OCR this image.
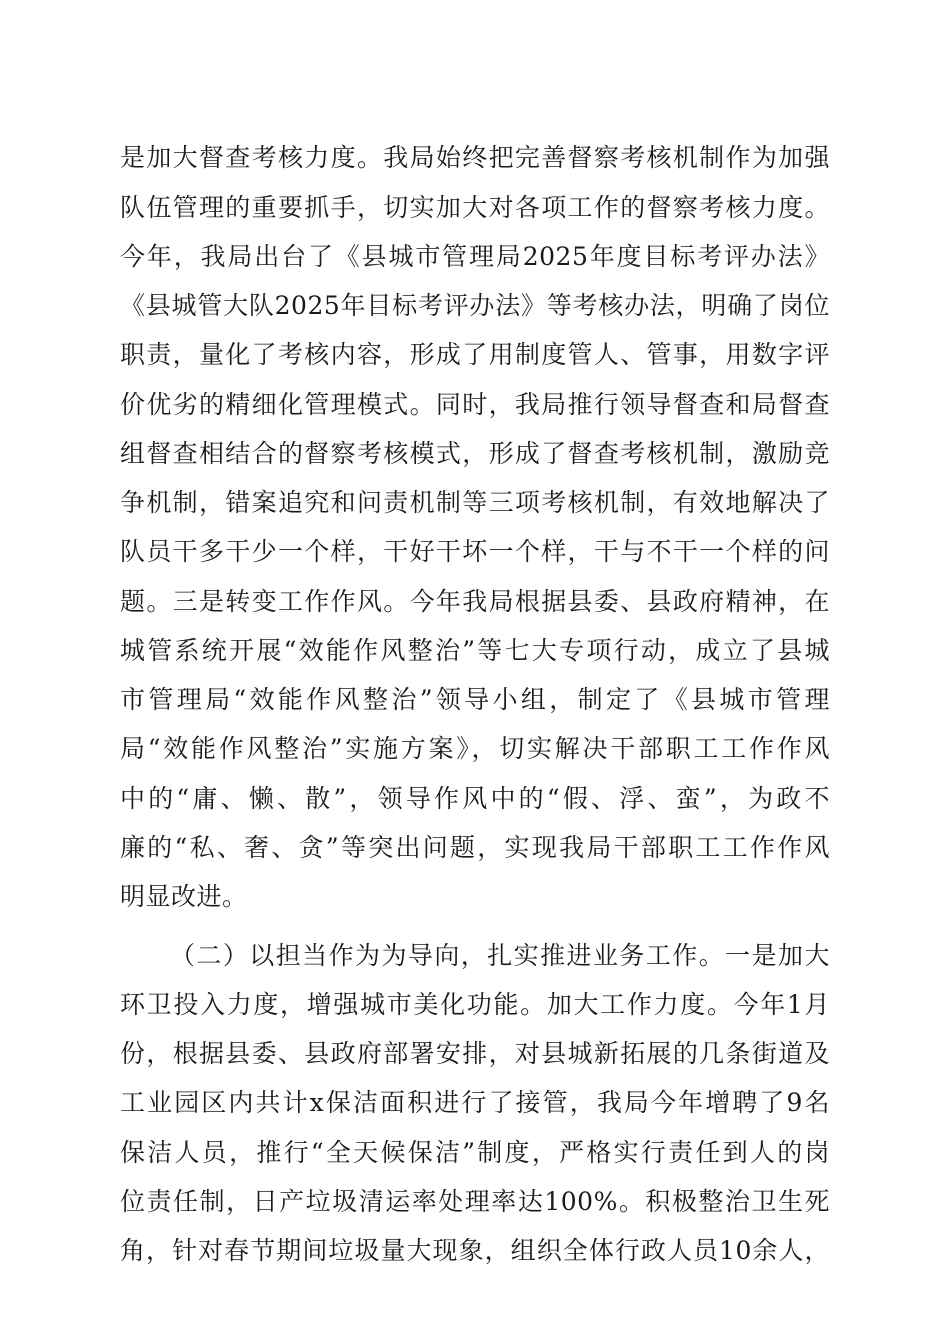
是加大督查考核力度。我局始终把完善督察考核机制作为加强
队伍管理的重要抓手，切实加大对各项工作的督察考核力度。
今年，我局出台了《县城市管理局2025年度目标考评办法》
《县城管大队2025年目标考评办法》等考核办法，明确了岗位
职责，量化了考核内容，形成了用制度管人、管事，用数字评
价优劣的精细化管理模式。同时，我局推行领导督查和局督查
组督查相结合的督察考核模式，形成了督查考核机制，激励竞
争机制，错案追究和问责机制等三项考核机制，有效地解决了
队员干多干少一个样，干好干坏一个样，干与不干一个样的问
题。三是转变工作作风。今年我局根据县委、县政府精神，在
城管系统开展“效能作风整治”等七大专项行动，成立了县城
市管理局“效能作风整治”领导小组，制定了《县城市管理
局“效能作风整治”实施方案》，切实解决干部职工工作作风
中的“庸、懒、散”，领导作风中的“假、浮、蛮”，为政不
廉的“私、奢、贪”等突出问题，实现我局干部职工工作作风
明显改进。
（二）以担当作为为导向，扎实推进业务工作。一是加大
环卫投入力度，增强城市美化功能。加大工作力度。今年1月
份，根据县委、县政府部署安排，对县城新拓展的几条街道及
工业园区内共计x保洁面积进行了接管，我局今年增聘了9名
保洁人员，推行“全天候保洁”制度，严格实行责任到人的岗
位责任制，日产垃圾清运率处理率达100%。积极整治卫生死
角，针对春节期间垃圾量大现象，组织全体行政人员10余人，
